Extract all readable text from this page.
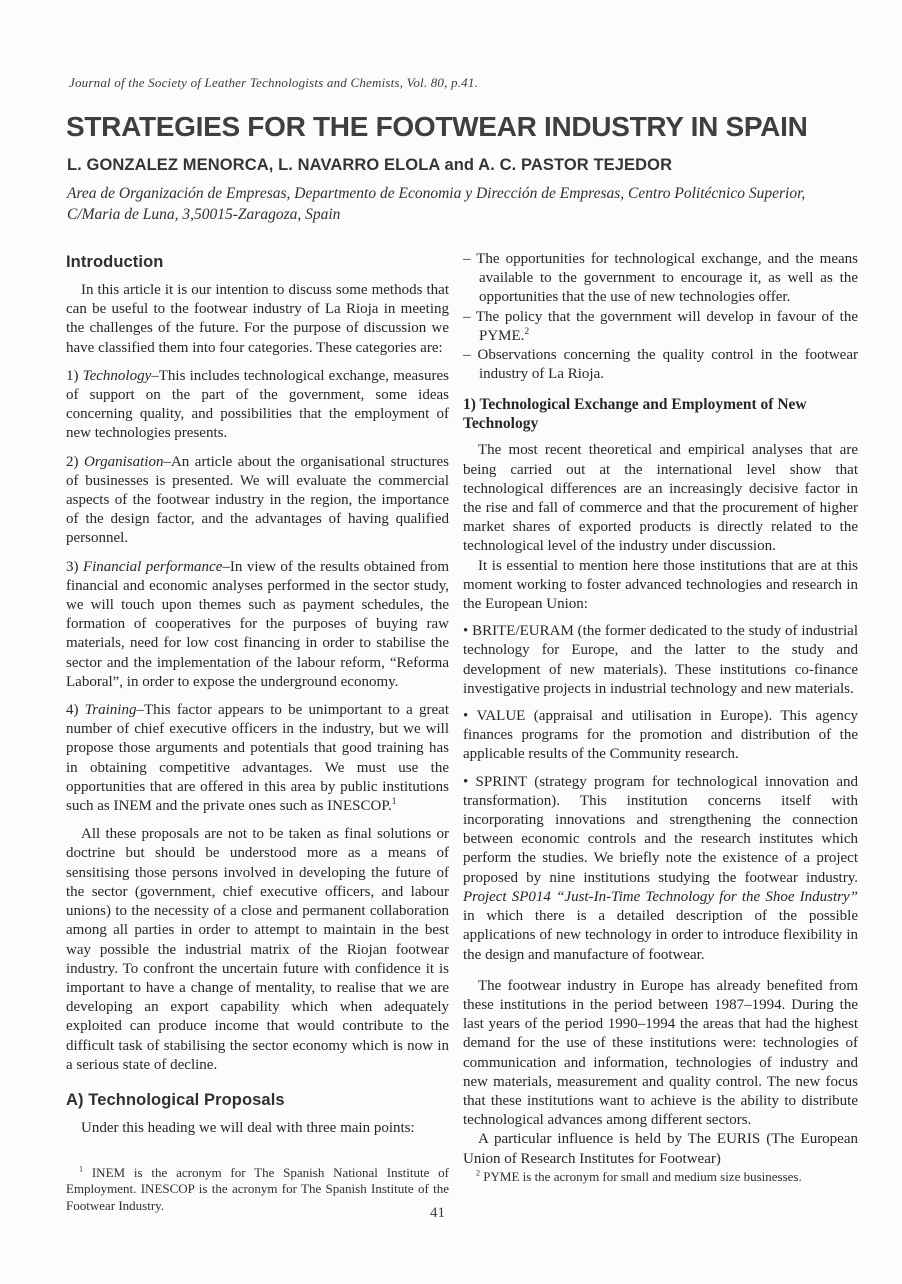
Journal of the Society of Leather Technologists and Chemists, Vol. 80, p.41.
STRATEGIES FOR THE FOOTWEAR INDUSTRY IN SPAIN

L. GONZALEZ MENORCA, L. NAVARRO ELOLA and A. C. PASTOR TEJEDOR

Area de Organización de Empresas, Departmento de Economia y Dirección de Empresas, Centro Politécnico Superior, C/Maria de Luna, 3,50015-Zaragoza, Spain

Introduction

In this article it is our intention to discuss some methods that can be useful to the footwear industry of La Rioja in meeting the challenges of the future. For the purpose of discussion we have classified them into four categories. These categories are:

1) Technology–This includes technological exchange, measures of support on the part of the government, some ideas concerning quality, and possibilities that the employment of new technologies presents.

2) Organisation–An article about the organisational structures of businesses is presented. We will evaluate the commercial aspects of the footwear industry in the region, the importance of the design factor, and the advantages of having qualified personnel.

3) Financial performance–In view of the results obtained from financial and economic analyses performed in the sector study, we will touch upon themes such as payment schedules, the formation of cooperatives for the purposes of buying raw materials, need for low cost financing in order to stabilise the sector and the implementation of the labour reform, “Reforma Laboral”, in order to expose the underground economy.

4) Training–This factor appears to be unimportant to a great number of chief executive officers in the industry, but we will propose those arguments and potentials that good training has in obtaining competitive advantages. We must use the opportunities that are offered in this area by public institutions such as INEM and the private ones such as INESCOP.$^1$

All these proposals are not to be taken as final solutions or doctrine but should be understood more as a means of sensitising those persons involved in developing the future of the sector (government, chief executive officers, and labour unions) to the necessity of a close and permanent collaboration among all parties in order to attempt to maintain in the best way possible the industrial matrix of the Riojan footwear industry. To confront the uncertain future with confidence it is important to have a change of mentality, to realise that we are developing an export capability which when adequately exploited can produce income that would contribute to the difficult task of stabilising the sector economy which is now in a serious state of decline.

A) Technological Proposals

Under this heading we will deal with three main points:

$^1$ INEM is the acronym for The Spanish National Institute of Employment. INESCOP is the acronym for The Spanish Institute of the Footwear Industry.

– The opportunities for technological exchange, and the means available to the government to encourage it, as well as the opportunities that the use of new technologies offer.

– The policy that the government will develop in favour of the PYME.$^2$

– Observations concerning the quality control in the footwear industry of La Rioja.

1) Technological Exchange and Employment of New Technology

The most recent theoretical and empirical analyses that are being carried out at the international level show that technological differences are an increasingly decisive factor in the rise and fall of commerce and that the procurement of higher market shares of exported products is directly related to the technological level of the industry under discussion.

It is essential to mention here those institutions that are at this moment working to foster advanced technologies and research in the European Union:

• BRITE/EURAM (the former dedicated to the study of industrial technology for Europe, and the latter to the study and development of new materials). These institutions co-finance investigative projects in industrial technology and new materials.

• VALUE (appraisal and utilisation in Europe). This agency finances programs for the promotion and distribution of the applicable results of the Community research.

• SPRINT (strategy program for technological innovation and transformation). This institution concerns itself with incorporating innovations and strengthening the connection between economic controls and the research institutes which perform the studies. We briefly note the existence of a project proposed by nine institutions studying the footwear industry. Project SP014 “Just-In-Time Technology for the Shoe Industry” in which there is a detailed description of the possible applications of new technology in order to introduce flexibility in the design and manufacture of footwear.

The footwear industry in Europe has already benefited from these institutions in the period between 1987–1994. During the last years of the period 1990–1994 the areas that had the highest demand for the use of these institutions were: technologies of communication and information, technologies of industry and new materials, measurement and quality control. The new focus that these institutions want to achieve is the ability to distribute technological advances among different sectors.

A particular influence is held by The EURIS (The European Union of Research Institutes for Footwear)

$^2$ PYME is the acronym for small and medium size businesses.
41
